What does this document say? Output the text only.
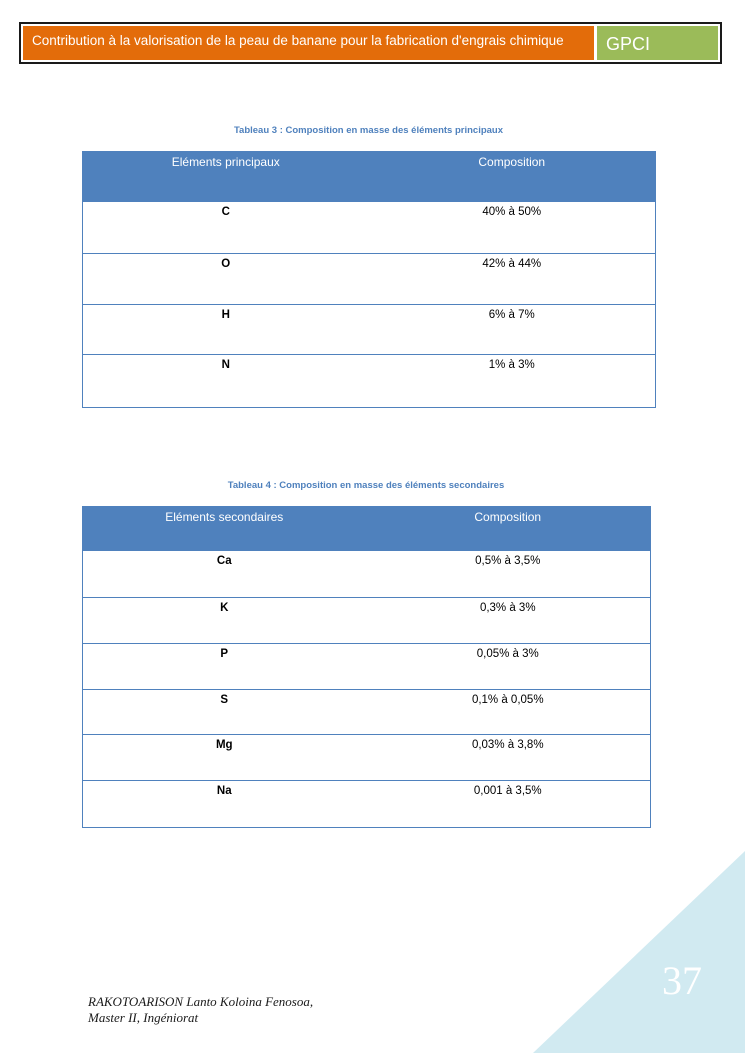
Contribution à la valorisation de la peau de banane pour la fabrication d'engrais chimique	GPCI
Tableau 3 : Composition en masse des éléments principaux
Eléments principaux	Composition

C	40% à 50%

O	42% à 44%

H	6% à 7%

N	1% à 3%
Tableau 4 : Composition en masse des éléments secondaires
Eléments secondaires	Composition

Ca	0,5% à 3,5%

K	0,3% à 3%

P	0,05% à 3%

S	0,1% à 0,05%

Mg	0,03% à 3,8%

Na	0,001 à 3,5%
37
RAKOTOARISON Lanto Koloina Fenosoa,
Master II, Ingéniorat
